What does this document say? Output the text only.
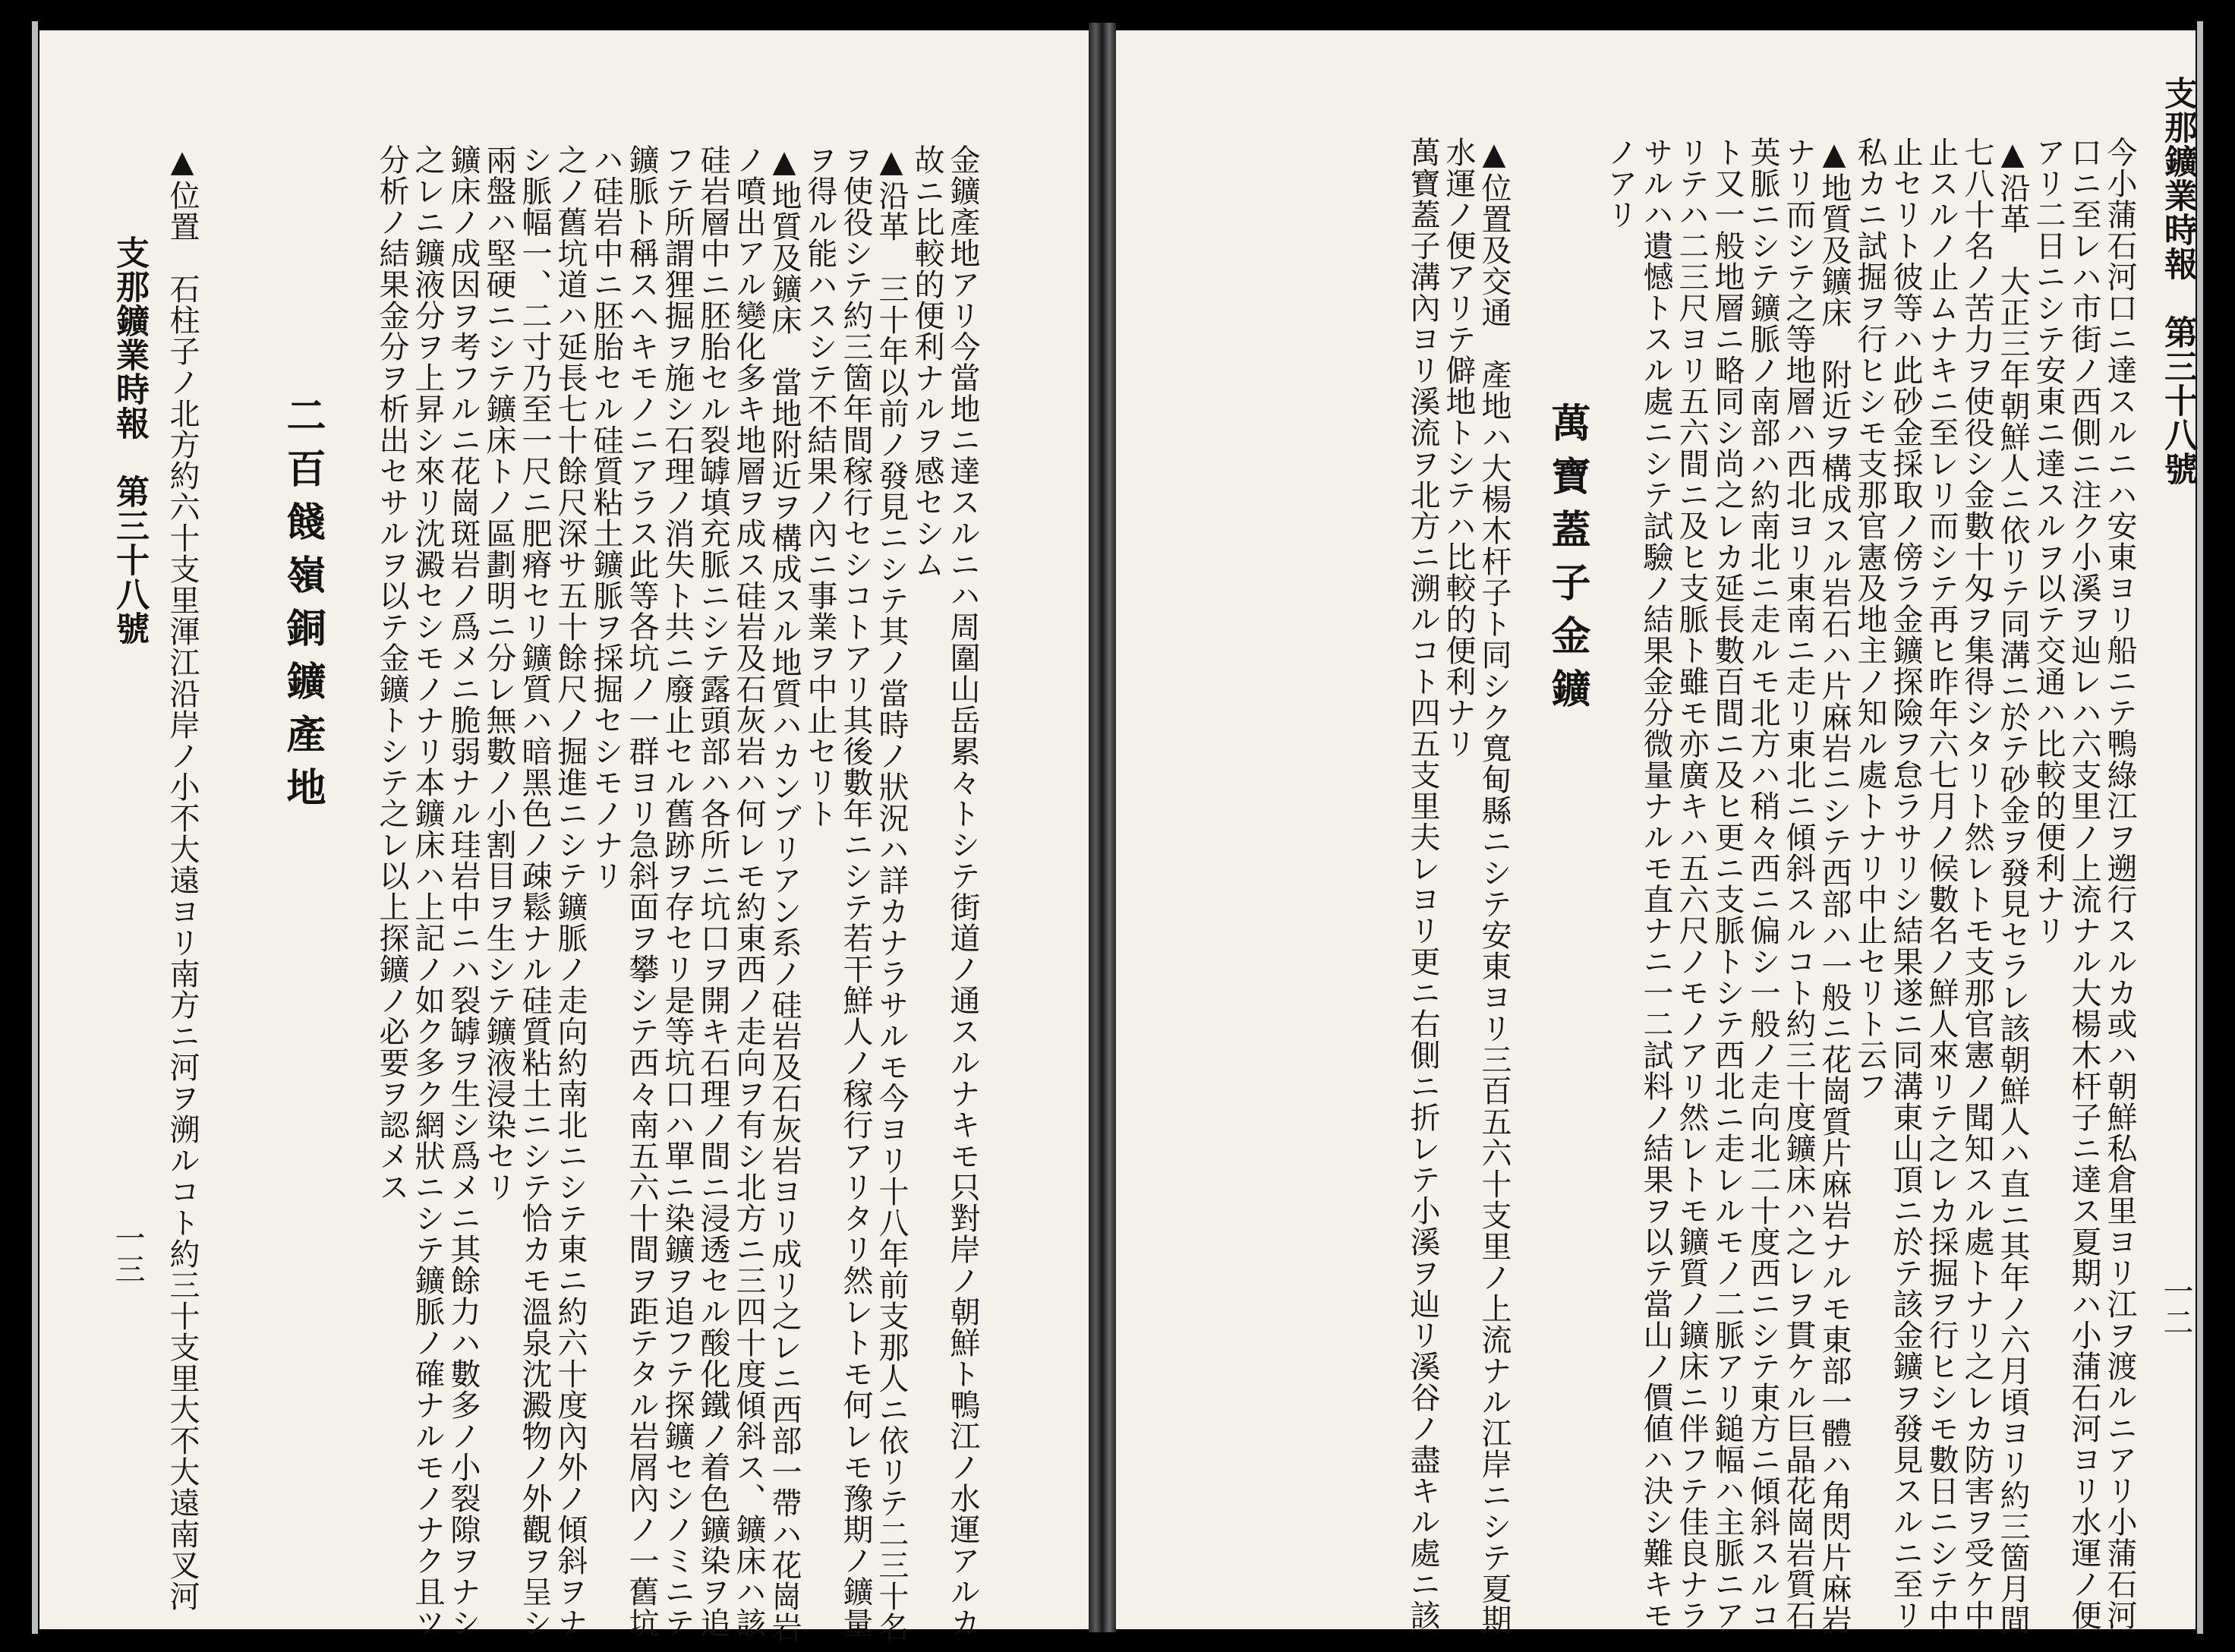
支那鑛業時報　第三十八號
一二
今小蒲石河口ニ達スルニハ安東ヨリ船ニテ鴨綠江ヲ遡行スルカ或ハ朝鮮私倉里ヨリ江ヲ渡ルニアリ小蒲石河
口ニ至レハ市街ノ西側ニ注ク小溪ヲ辿レハ六支里ノ上流ナル大楊木杆子ニ達ス夏期ハ小蒲石河ヨリ水運ノ便
アリ二日ニシテ安東ニ達スルヲ以テ交通ハ比較的便利ナリ
▲沿革　大正三年朝鮮人ニ依リテ同溝ニ於テ砂金ヲ發見セラレ該朝鮮人ハ直ニ其年ノ六月頃ヨリ約三箇月間
七八十名ノ苦力ヲ使役シ金數十匁ヲ集得シタリト然レトモ支那官憲ノ聞知スル處トナリ之レカ防害ヲ受ケ中
止スルノ止ムナキニ至レリ而シテ再ヒ昨年六七月ノ候數名ノ鮮人來リテ之レカ採掘ヲ行ヒシモ數日ニシテ中
止セリト彼等ハ此砂金採取ノ傍ラ金鑛探險ヲ怠ラサリシ結果遂ニ同溝東山頂ニ於テ該金鑛ヲ發見スルニ至リ
私カニ試掘ヲ行ヒシモ支那官憲及地主ノ知ル處トナリ中止セリト云フ
▲地質及鑛床　附近ヲ構成スル岩石ハ片麻岩ニシテ西部ハ一般ニ花崗質片麻岩ナルモ東部一體ハ角閃片麻岩
ナリ而シテ之等地層ハ西北ヨリ東南ニ走リ東北ニ傾斜スルコト約三十度鑛床ハ之レヲ貫ケル巨晶花崗岩質石
英脈ニシテ鑛脈ノ南部ハ約南北ニ走ルモ北方ハ稍々西ニ偏シ一般ノ走向北二十度西ニシテ東方ニ傾斜スルコ
ト又一般地層ニ略同シ尚之レカ延長數百間ニ及ヒ更ニ支脈トシテ西北ニ走レルモノ二脈アリ鎚幅ハ主脈ニア
リテハ二三尺ヨリ五六間ニ及ヒ支脈ト雖モ亦廣キハ五六尺ノモノアリ然レトモ鑛質ノ鑛床ニ伴フテ佳良ナラ
サルハ遺憾トスル處ニシテ試驗ノ結果金分微量ナルモ直ナニ一二試料ノ結果ヲ以テ當山ノ價値ハ決シ難キモ
ノアリ
萬寶蓋子金鑛
▲位置及交通　產地ハ大楊木杆子ト同シク寬甸縣ニシテ安東ヨリ三百五六十支里ノ上流ナル江岸ニシテ夏期
水運ノ便アリテ僻地トシテハ比較的便利ナリ
萬寶蓋子溝內ヨリ溪流ヲ北方ニ溯ルコト四五支里夫レヨリ更ニ右側ニ折レテ小溪ヲ辿リ溪谷ノ盡キル處ニ該
金鑛產地アリ今當地ニ達スルニハ周圍山岳累々トシテ街道ノ通スルナキモ只對岸ノ朝鮮ト鴨江ノ水運アルカ
故ニ比較的便利ナルヲ感セシム
▲沿革　三十年以前ノ發見ニシテ其ノ當時ノ狀況ハ詳カナラサルモ今ヨリ十八年前支那人ニ依リテ二三十名
ヲ使役シテ約三箇年間稼行セシコトアリ其後數年ニシテ若干鮮人ノ稼行アリタリ然レトモ何レモ豫期ノ鑛量
ヲ得ル能ハスシテ不結果ノ內ニ事業ヲ中止セリト
▲地質及鑛床　當地附近ヲ構成スル地質ハカンブリアン系ノ硅岩及石灰岩ヨリ成リ之レニ西部一帶ハ花崗岩
ノ噴出アル變化多キ地層ヲ成ス硅岩及石灰岩ハ何レモ約東西ノ走向ヲ有シ北方ニ三四十度傾斜ス、鑛床ハ該
硅岩層中ニ胚胎セル裂罅填充脈ニシテ露頭部ハ各所ニ坑口ヲ開キ石理ノ間ニ浸透セル酸化鐵ノ着色鑛染ヲ追
フテ所謂狸掘ヲ施シ石理ノ消失ト共ニ廢止セル舊跡ヲ存セリ是等坑口ハ單ニ染鑛ヲ追フテ探鑛セシノミニテ
鑛脈ト稱スヘキモノニアラス此等各坑ノ一群ヨリ急斜面ヲ攀シテ西々南五六十間ヲ距テタル岩屑內ノ一舊坑
ハ硅岩中ニ胚胎セル硅質粘土鑛脈ヲ採掘セシモノナリ
之ノ舊坑道ハ延長七十餘尺深サ五十餘尺ノ掘進ニシテ鑛脈ノ走向約南北ニシテ東ニ約六十度內外ノ傾斜ヲナ
シ脈幅一、二寸乃至一尺ニ肥瘠セリ鑛質ハ暗黑色ノ疎鬆ナル硅質粘土ニシテ恰カモ溫泉沈澱物ノ外觀ヲ呈シ
兩盤ハ堅硬ニシテ鑛床トノ區劃明ニ分レ無數ノ小割目ヲ生シテ鑛液浸染セリ
鑛床ノ成因ヲ考フルニ花崗斑岩ノ爲メニ脆弱ナル珪岩中ニハ裂罅ヲ生シ爲メニ其餘力ハ數多ノ小裂隙ヲナシ
之レニ鑛液分ヲ上昇シ來リ沈澱セシモノナリ本鑛床ハ上記ノ如ク多ク網狀ニシテ鑛脈ノ確ナルモノナク且ツ
分析ノ結果金分ヲ析出セサルヲ以テ金鑛トシテ之レ以上探鑛ノ必要ヲ認メス
二百餞嶺銅鑛產地
▲位置　石柱子ノ北方約六十支里渾江沿岸ノ小不大遠ヨリ南方ニ河ヲ溯ルコト約三十支里大不大遠南叉河
支那鑛業時報　第三十八號
一三
